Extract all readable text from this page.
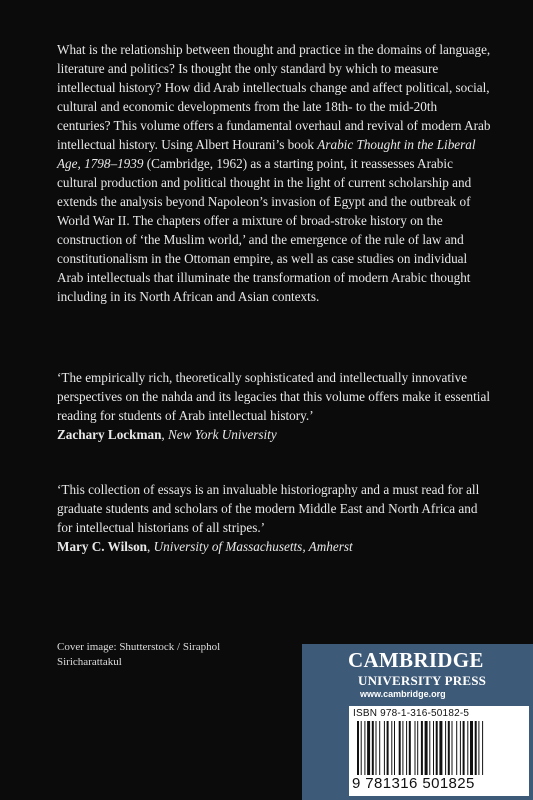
What is the relationship between thought and practice in the domains of language, literature and politics? Is thought the only standard by which to measure intellectual history? How did Arab intellectuals change and affect political, social, cultural and economic developments from the late 18th- to the mid-20th centuries? This volume offers a fundamental overhaul and revival of modern Arab intellectual history. Using Albert Hourani’s book Arabic Thought in the Liberal Age, 1798–1939 (Cambridge, 1962) as a starting point, it reassesses Arabic cultural production and political thought in the light of current scholarship and extends the analysis beyond Napoleon’s invasion of Egypt and the outbreak of World War II. The chapters offer a mixture of broad-stroke history on the construction of ‘the Muslim world,’ and the emergence of the rule of law and constitutionalism in the Ottoman empire, as well as case studies on individual Arab intellectuals that illuminate the transformation of modern Arabic thought including in its North African and Asian contexts.

‘The empirically rich, theoretically sophisticated and intellectually innovative perspectives on the nahda and its legacies that this volume offers make it essential reading for students of Arab intellectual history.’
Zachary Lockman, New York University

‘This collection of essays is an invaluable historiography and a must read for all graduate students and scholars of the modern Middle East and North Africa and for intellectual historians of all stripes.’
Mary C. Wilson, University of Massachusetts, Amherst

Cover image: Shutterstock / Siraphol Siricharattakul	CAMBRIDGE
UNIVERSITY PRESS
www.cambridge.org
ISBN 978-1-316-50182-5
9 781316 501825
